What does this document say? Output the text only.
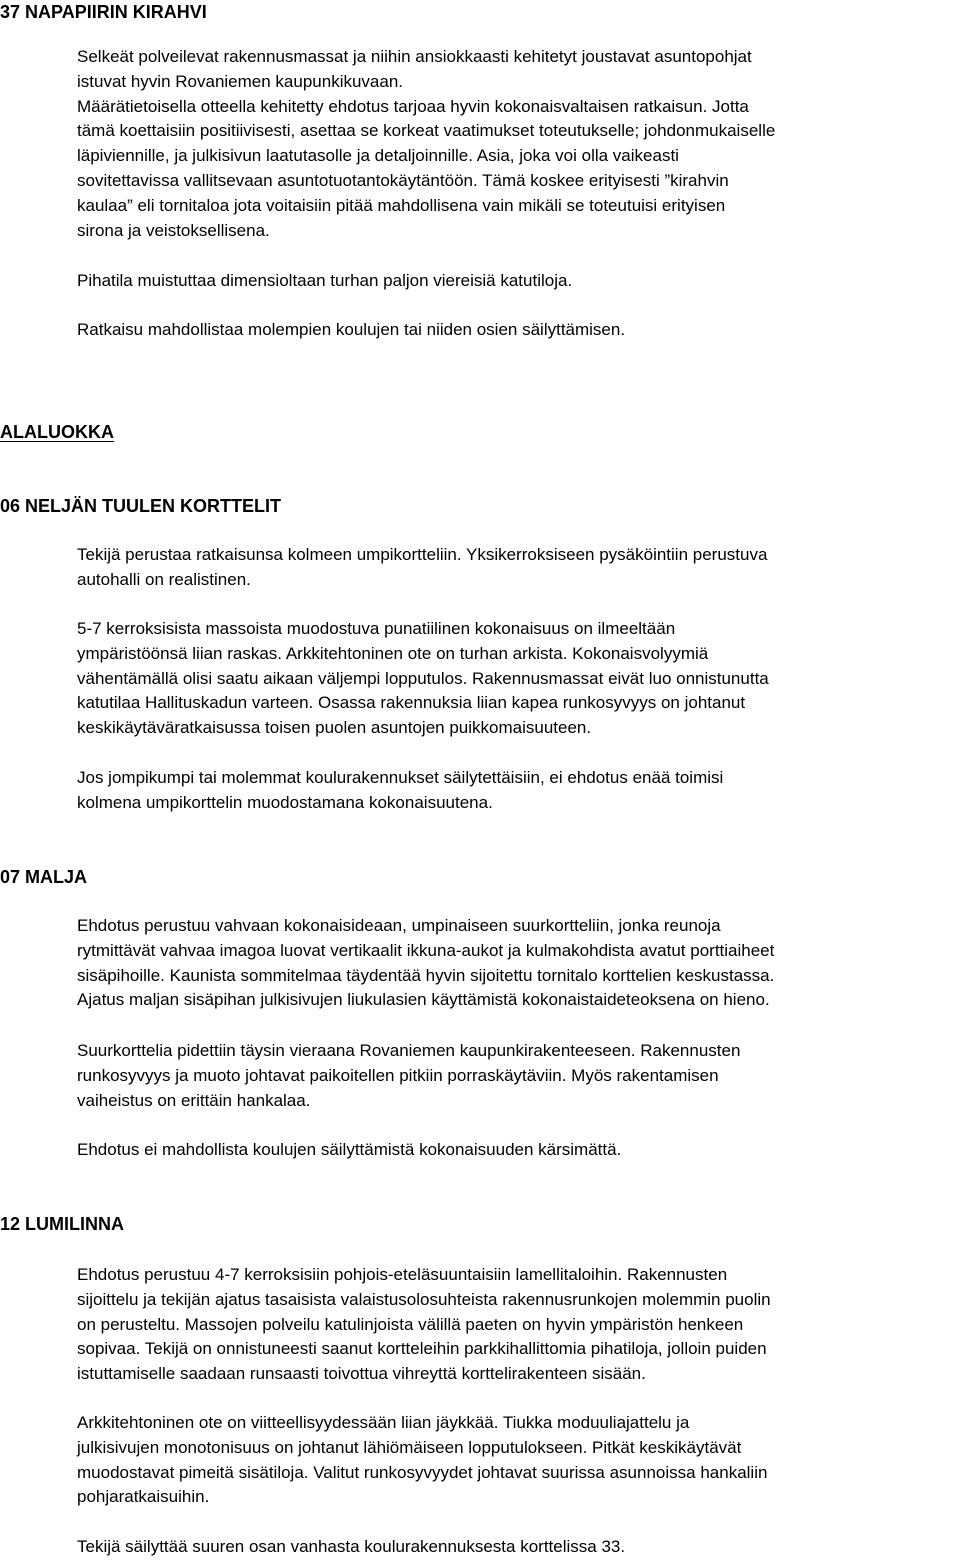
37 NAPAPIIRIN KIRAHVI
Selkeät polveilevat rakennusmassat ja niihin ansiokkaasti kehitetyt joustavat asuntopohjat
istuvat hyvin Rovaniemen kaupunkikuvaan.
Määrätietoisella otteella kehitetty ehdotus tarjoaa hyvin kokonaisvaltaisen ratkaisun. Jotta
tämä koettaisiin positiivisesti, asettaa se korkeat vaatimukset toteutukselle; johdonmukaiselle
läpiviennille, ja julkisivun laatutasolle ja detaljoinnille. Asia, joka voi olla vaikeasti
sovitettavissa vallitsevaan asuntotuotantokäytäntöön. Tämä koskee erityisesti ”kirahvin
kaulaa” eli tornitaloa jota voitaisiin pitää mahdollisena vain mikäli se toteutuisi erityisen
sirona ja veistoksellisena.
Pihatila muistuttaa dimensioltaan turhan paljon viereisiä katutiloja.
Ratkaisu mahdollistaa molempien koulujen tai niiden osien säilyttämisen.
ALALUOKKA
06 NELJÄN TUULEN KORTTELIT
Tekijä perustaa ratkaisunsa kolmeen umpikortteliin. Yksikerroksiseen pysäköintiin perustuva
autohalli on realistinen.
5-7 kerroksisista massoista muodostuva punatiilinen kokonaisuus on ilmeeltään
ympäristöönsä liian raskas. Arkkitehtoninen ote on turhan arkista. Kokonaisvolyymiä
vähentämällä olisi saatu aikaan väljempi lopputulos. Rakennusmassat eivät luo onnistunutta
katutilaa Hallituskadun varteen. Osassa rakennuksia liian kapea runkosyvyys on johtanut
keskikäytäväratkaisussa toisen puolen asuntojen puikkomaisuuteen.
Jos jompikumpi tai molemmat koulurakennukset säilytettäisiin, ei ehdotus enää toimisi
kolmena umpikorttelin muodostamana kokonaisuutena.
07 MALJA
Ehdotus perustuu vahvaan kokonaisideaan, umpinaiseen suurkortteliin, jonka reunoja
rytmittävät vahvaa imagoa luovat vertikaalit ikkuna-aukot ja kulmakohdista avatut porttiaiheet
sisäpihoille. Kaunista sommitelmaa täydentää hyvin sijoitettu tornitalo korttelien keskustassa.
Ajatus maljan sisäpihan julkisivujen liukulasien käyttämistä kokonaistaideteoksena on hieno.
Suurkorttelia pidettiin täysin vieraana Rovaniemen kaupunkirakenteeseen. Rakennusten
runkosyvyys ja muoto johtavat paikoitellen pitkiin porraskäytäviin. Myös rakentamisen
vaiheistus on erittäin hankalaa.
Ehdotus ei mahdollista koulujen säilyttämistä kokonaisuuden kärsimättä.
12 LUMILINNA
Ehdotus perustuu 4-7 kerroksisiin pohjois-eteläsuuntaisiin lamellitaloihin. Rakennusten
sijoittelu ja tekijän ajatus tasaisista valaistusolosuhteista rakennusrunkojen molemmin puolin
on perusteltu. Massojen polveilu katulinjoista välillä paeten on hyvin ympäristön henkeen
sopivaa. Tekijä on onnistuneesti saanut kortteleihin parkkihallittomia pihatiloja, jolloin puiden
istuttamiselle saadaan runsaasti toivottua vihreyttä korttelirakenteen sisään.
Arkkitehtoninen ote on viitteellisyydessään liian jäykkää. Tiukka moduuliajattelu ja
julkisivujen monotonisuus on johtanut lähiömäiseen lopputulokseen. Pitkät keskikäytävät
muodostavat pimeitä sisätiloja. Valitut runkosyvyydet johtavat suurissa asunnoissa hankaliin
pohjaratkaisuihin.
Tekijä säilyttää suuren osan vanhasta koulurakennuksesta korttelissa 33.
